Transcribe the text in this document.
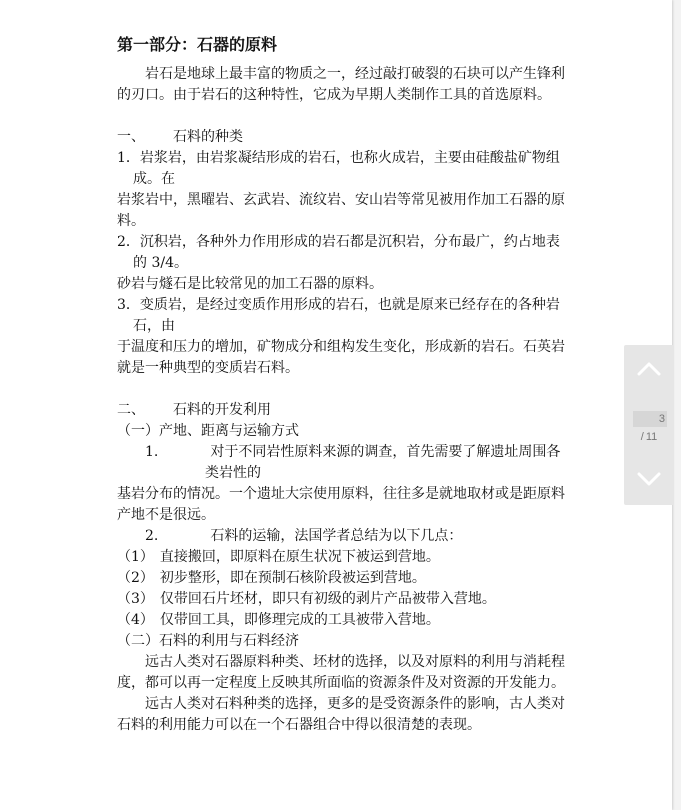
第一部分：石器的原料

岩石是地球上最丰富的物质之一，经过敲打破裂的石块可以产生锋利的刃口。由于岩石的这种特性，它成为早期人类制作工具的首选原料。

一、 石料的种类

1．岩浆岩，由岩浆凝结形成的岩石，也称火成岩，主要由硅酸盐矿物组成。在

岩浆岩中，黑曜岩、玄武岩、流纹岩、安山岩等常见被用作加工石器的原料。

2．沉积岩，各种外力作用形成的岩石都是沉积岩，分布最广，约占地表的 3/4。

砂岩与燧石是比较常见的加工石器的原料。

3．变质岩，是经过变质作用形成的岩石，也就是原来已经存在的各种岩石，由

于温度和压力的增加，矿物成分和组构发生变化，形成新的岩石。石英岩就是一种典型的变质岩石料。

二、 石料的开发利用

（一）产地、距离与运输方式

1.	对于不同岩性原料来源的调查，首先需要了解遗址周围各类岩性的

基岩分布的情况。一个遗址大宗使用原料，往往多是就地取材或是距原料产地不是很远。

2.	石料的运输，法国学者总结为以下几点：

（1） 直接搬回，即原料在原生状况下被运到营地。

（2） 初步整形，即在预制石核阶段被运到营地。

（3） 仅带回石片坯材，即只有初级的剥片产品被带入营地。

（4） 仅带回工具，即修理完成的工具被带入营地。

（二）石料的利用与石料经济

远古人类对石器原料种类、坯材的选择，以及对原料的利用与消耗程度，都可以再一定程度上反映其所面临的资源条件及对资源的开发能力。

远古人类对石料种类的选择，更多的是受资源条件的影响，古人类对石料的利用能力可以在一个石器组合中得以很清楚的表现。

3
/ 11
